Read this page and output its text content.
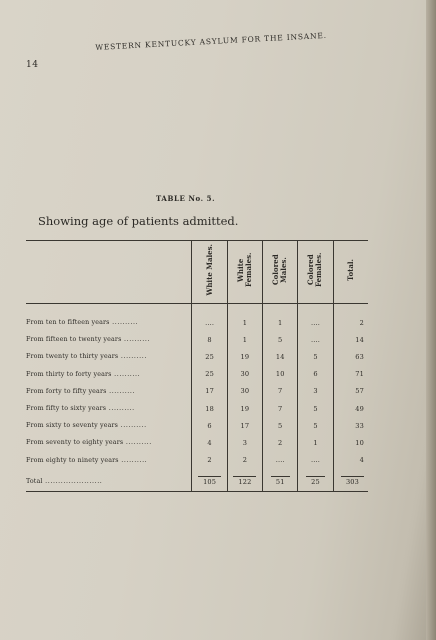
14
WESTERN KENTUCKY ASYLUM FOR THE INSANE.
TABLE No. 5.
Showing age of patients admitted.
	White Males.	White Females.	Colored Males.	Colored Females.	Total.
From ten to fifteen years ..........	....	1	1	....	2
From fifteen to twenty years ..........	8	1	5	....	14
From twenty to thirty years ..........	25	19	14	5	63
From thirty to forty years ..........	25	30	10	6	71
From forty to fifty years ..........	17	30	7	3	57
From fifty to sixty years ..........	18	19	7	5	49
From sixty to seventy years ..........	6	17	5	5	33
From seventy to eighty years ..........	4	3	2	1	10
From eighty to ninety years ..........	2	2	....	....	4
Total ......................	105	122	51	25	303
